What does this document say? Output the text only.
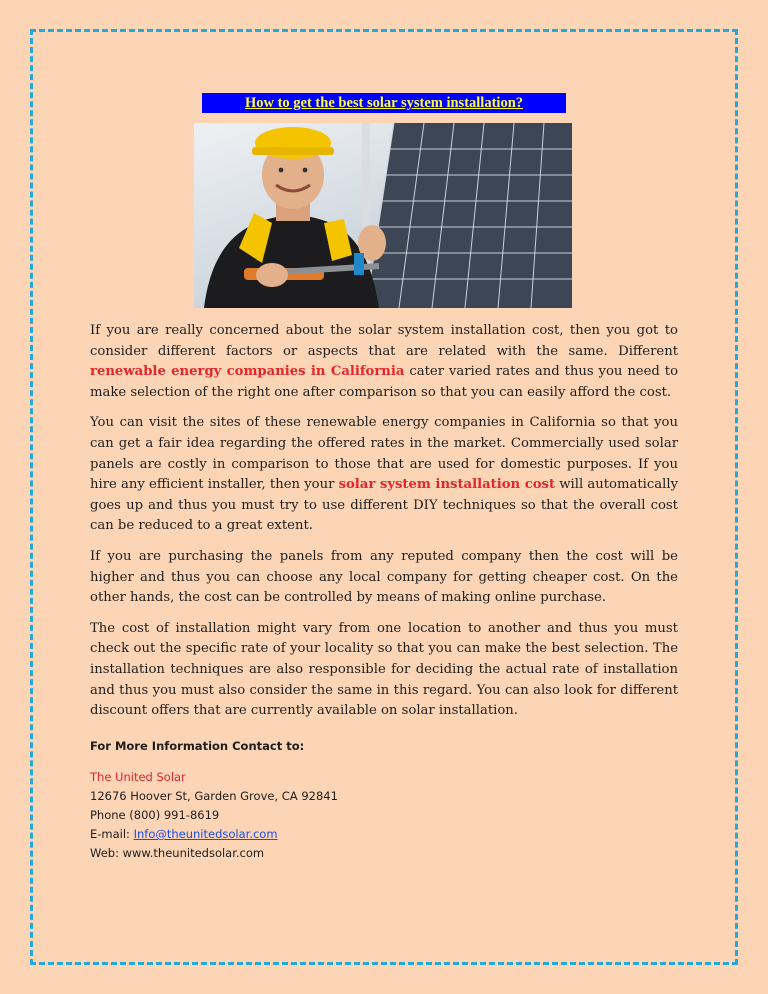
How to get the best solar system installation?

If you are really concerned about the solar system installation cost, then you got to consider different factors or aspects that are related with the same. Different renewable energy companies in California cater varied rates and thus you need to make selection of the right one after comparison so that you can easily afford the cost.

You can visit the sites of these renewable energy companies in California so that you can get a fair idea regarding the offered rates in the market. Commercially used solar panels are costly in comparison to those that are used for domestic purposes. If you hire any efficient installer, then your solar system installation cost will automatically goes up and thus you must try to use different DIY techniques so that the overall cost can be reduced to a great extent.

If you are purchasing the panels from any reputed company then the cost will be higher and thus you can choose any local company for getting cheaper cost. On the other hands, the cost can be controlled by means of making online purchase.

The cost of installation might vary from one location to another and thus you must check out the specific rate of your locality so that you can make the best selection. The installation techniques are also responsible for deciding the actual rate of installation and thus you must also consider the same in this regard. You can also look for different discount offers that are currently available on solar installation.

For More Information Contact to:
The United Solar
12676 Hoover St, Garden Grove, CA 92841
Phone (800) 991-8619
E-mail: Info@theunitedsolar.com
Web: www.theunitedsolar.com
